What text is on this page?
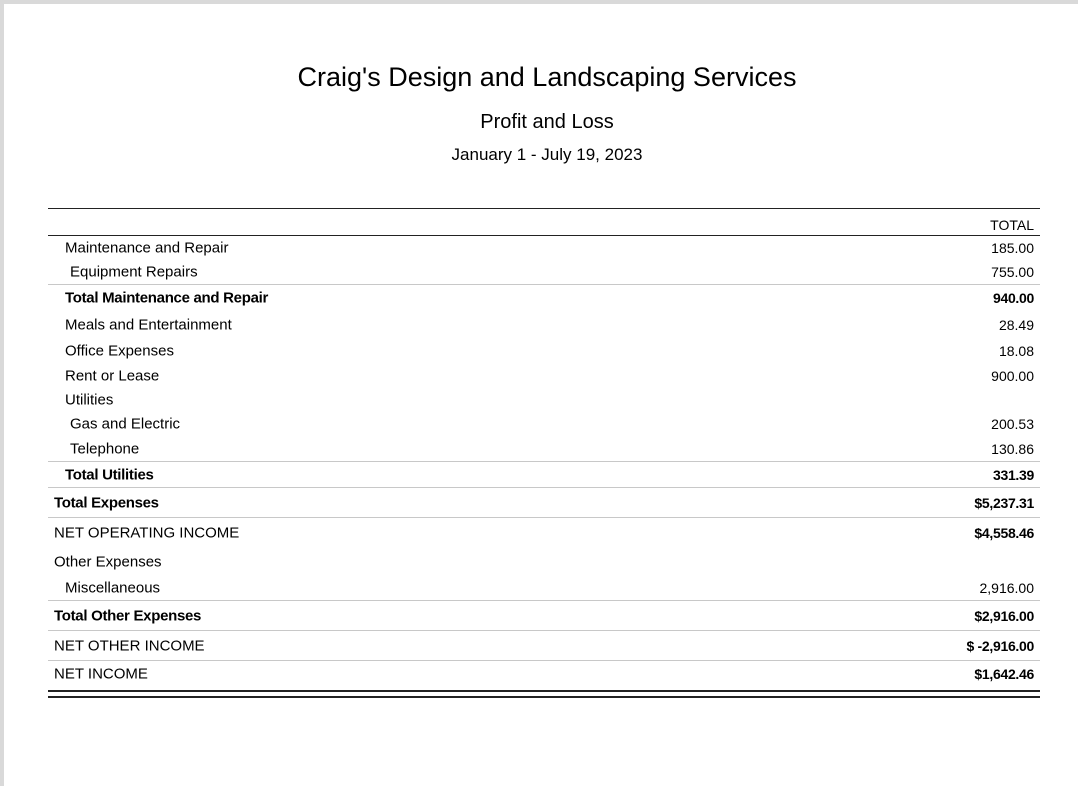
Craig's Design and Landscaping Services
Profit and Loss
January 1 - July 19, 2023
TOTAL
Maintenance and Repair	185.00
Equipment Repairs	755.00
Total Maintenance and Repair	940.00
Meals and Entertainment	28.49
Office Expenses	18.08
Rent or Lease	900.00
Utilities
Gas and Electric	200.53
Telephone	130.86
Total Utilities	331.39
Total Expenses	$5,237.31
NET OPERATING INCOME	$4,558.46
Other Expenses
Miscellaneous	2,916.00
Total Other Expenses	$2,916.00
NET OTHER INCOME	$ -2,916.00
NET INCOME	$1,642.46
